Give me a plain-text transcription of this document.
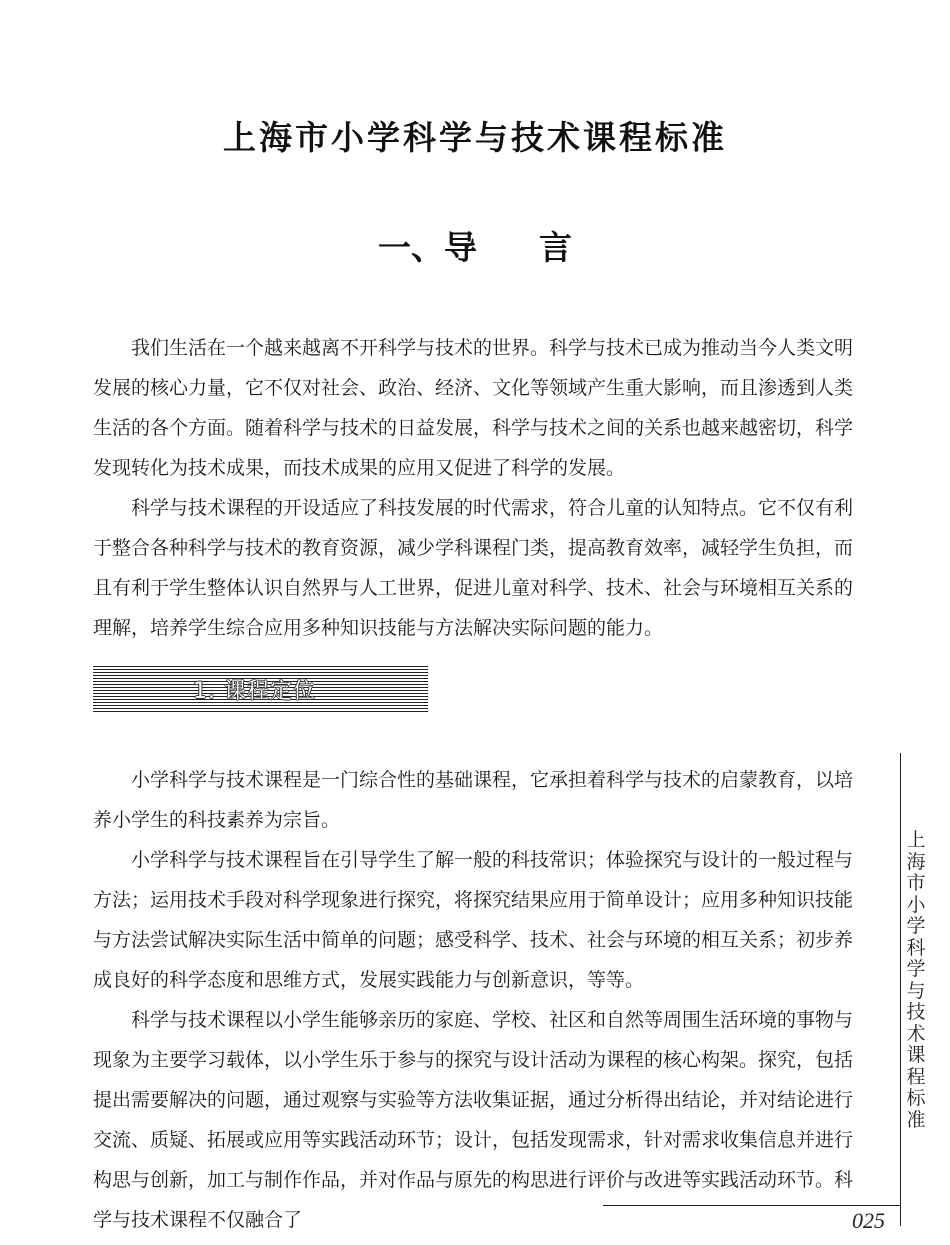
上海市小学科学与技术课程标准
一、导 言

我们生活在一个越来越离不开科学与技术的世界。科学与技术已成为推动当今人类文明发展的核心力量，它不仅对社会、政治、经济、文化等领域产生重大影响，而且渗透到人类生活的各个方面。随着科学与技术的日益发展，科学与技术之间的关系也越来越密切，科学发现转化为技术成果，而技术成果的应用又促进了科学的发展。

科学与技术课程的开设适应了科技发展的时代需求，符合儿童的认知特点。它不仅有利于整合各种科学与技术的教育资源，减少学科课程门类，提高教育效率，减轻学生负担，而且有利于学生整体认识自然界与人工世界，促进儿童对科学、技术、社会与环境相互关系的理解，培养学生综合应用多种知识技能与方法解决实际问题的能力。

1. 课程定位

小学科学与技术课程是一门综合性的基础课程，它承担着科学与技术的启蒙教育，以培养小学生的科技素养为宗旨。

小学科学与技术课程旨在引导学生了解一般的科技常识；体验探究与设计的一般过程与方法；运用技术手段对科学现象进行探究，将探究结果应用于简单设计；应用多种知识技能与方法尝试解决实际生活中简单的问题；感受科学、技术、社会与环境的相互关系；初步养成良好的科学态度和思维方式，发展实践能力与创新意识，等等。

科学与技术课程以小学生能够亲历的家庭、学校、社区和自然等周围生活环境的事物与现象为主要学习载体，以小学生乐于参与的探究与设计活动为课程的核心构架。探究，包括提出需要解决的问题，通过观察与实验等方法收集证据，通过分析得出结论，并对结论进行交流、质疑、拓展或应用等实践活动环节；设计，包括发现需求，针对需求收集信息并进行构思与创新，加工与制作作品，并对作品与原先的构思进行评价与改进等实践活动环节。科学与技术课程不仅融合了

上海市小学科学与技术课程标准
025
